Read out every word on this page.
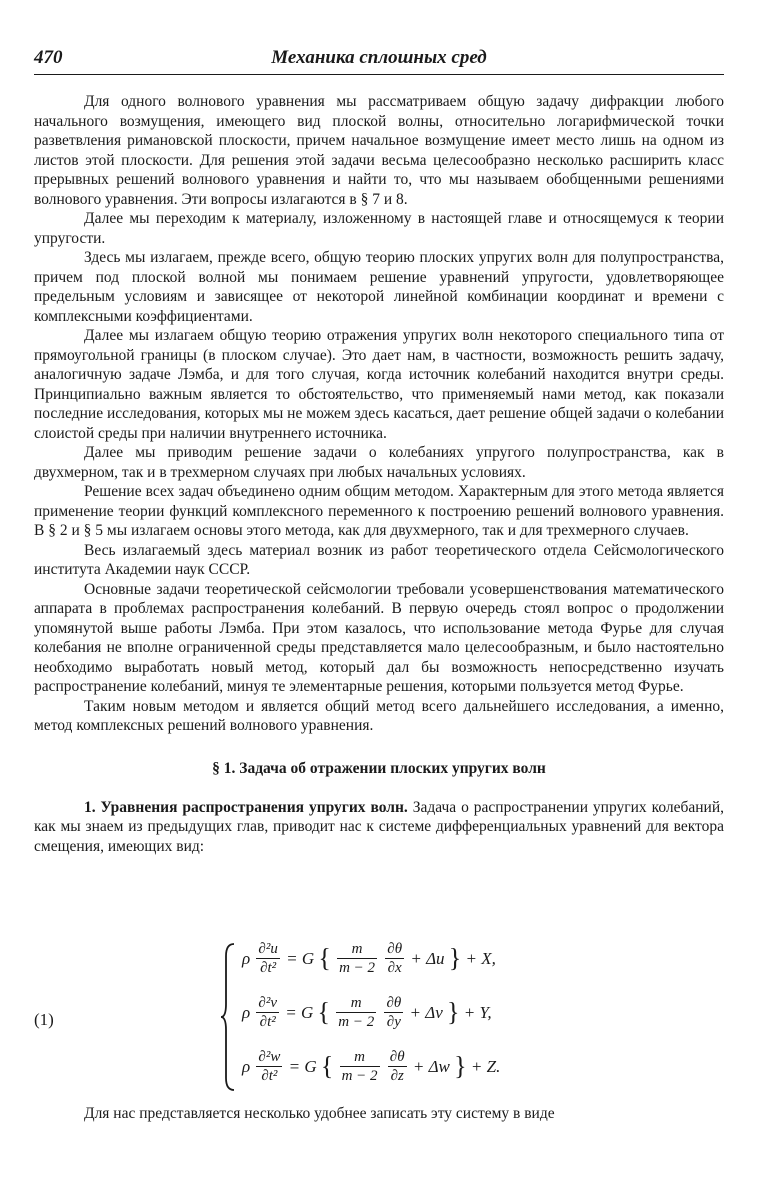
470	Механика сплошных сред

Для одного волнового уравнения мы рассматриваем общую задачу дифракции любого начального возмущения, имеющего вид плоской волны, относительно логарифмической точки разветвления римановской плоскости, причем начальное возмущение имеет место лишь на одном из листов этой плоскости. Для решения этой задачи весьма целесообразно несколько расширить класс прерывных решений волнового уравнения и найти то, что мы называем обобщенными решениями волнового уравнения. Эти вопросы излагаются в § 7 и 8.

Далее мы переходим к материалу, изложенному в настоящей главе и относящемуся к теории упругости.

Здесь мы излагаем, прежде всего, общую теорию плоских упругих волн для полупространства, причем под плоской волной мы понимаем решение уравнений упругости, удовлетворяющее предельным условиям и зависящее от некоторой линейной комбинации координат и времени с комплексными коэффициентами.

Далее мы излагаем общую теорию отражения упругих волн некоторого специального типа от прямоугольной границы (в плоском случае). Это дает нам, в частности, возможность решить задачу, аналогичную задаче Лэмба, и для того случая, когда источник колебаний находится внутри среды. Принципиально важным является то обстоятельство, что применяемый нами метод, как показали последние исследования, которых мы не можем здесь касаться, дает решение общей задачи о колебании слоистой среды при наличии внутреннего источника.

Далее мы приводим решение задачи о колебаниях упругого полупространства, как в двухмерном, так и в трехмерном случаях при любых начальных условиях.

Решение всех задач объединено одним общим методом. Характерным для этого метода является применение теории функций комплексного переменного к построению решений волнового уравнения. В § 2 и § 5 мы излагаем основы этого метода, как для двухмерного, так и для трехмерного случаев.

Весь излагаемый здесь материал возник из работ теоретического отдела Сейсмологического института Академии наук СССР.

Основные задачи теоретической сейсмологии требовали усовершенствования математического аппарата в проблемах распространения колебаний. В первую очередь стоял вопрос о продолжении упомянутой выше работы Лэмба. При этом казалось, что использование метода Фурье для случая колебания не вполне ограниченной среды представляется мало целесообразным, и было настоятельно необходимо выработать новый метод, который дал бы возможность непосредственно изучать распространение колебаний, минуя те элементарные решения, которыми пользуется метод Фурье.

Таким новым методом и является общий метод всего дальнейшего исследования, а именно, метод комплексных решений волнового уравнения.

§ 1. Задача об отражении плоских упругих волн

1. Уравнения распространения упругих волн. Задача о распространении упругих колебаний, как мы знаем из предыдущих глав, приводит нас к системе дифференциальных уравнений для вектора смещения, имеющих вид:

(1)
ρ $\frac{\text{∂²u}}{\text{∂t²}} = G$ { $\frac{m}{m - 2}$
$\frac{\partial\theta}{\partial x} + \Delta u$ } + X,
ρ $\frac{\text{∂²v}}{\text{∂t²}} = G$ { $\frac{m}{m - 2}$
$\frac{\partial\theta}{\partial y} + \Delta v$ } + Y,
ρ $\frac{\text{∂²w}}{\text{∂t²}} = G$ { $\frac{m}{m - 2}$
$\frac{\partial\theta}{\partial z} + \Delta w$ } + Z.

Для нас представляется несколько удобнее записать эту систему в виде
